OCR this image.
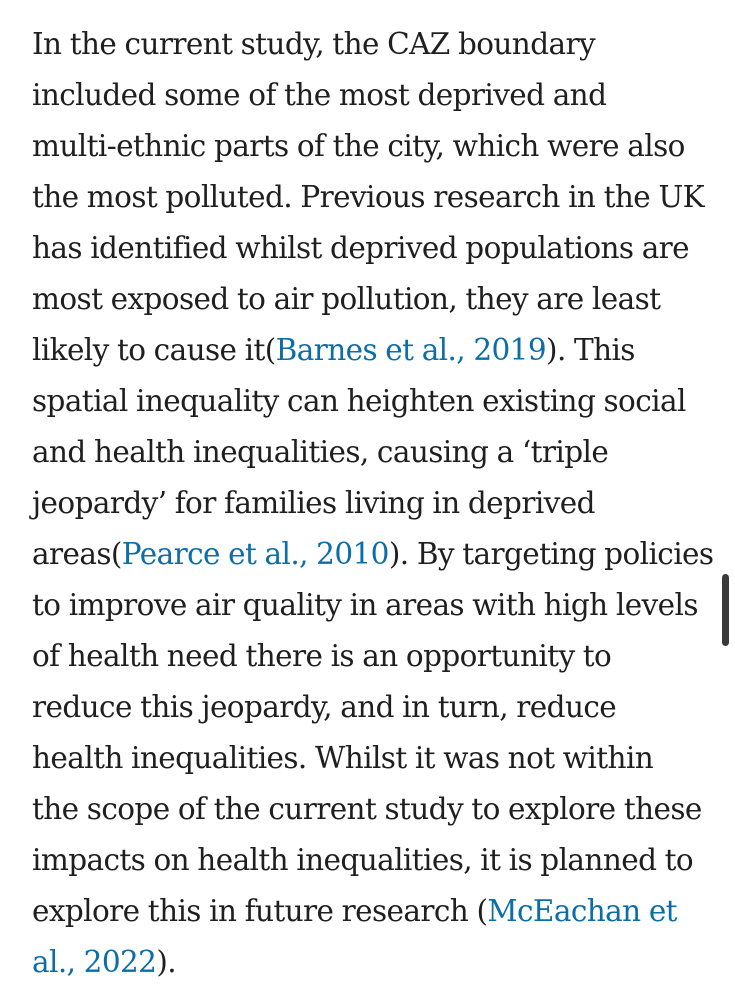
In the current study, the CAZ boundary
included some of the most deprived and
multi-ethnic parts of the city, which were also
the most polluted. Previous research in the UK
has identified whilst deprived populations are
most exposed to air pollution, they are least
likely to cause it(Barnes et al., 2019). This
spatial inequality can heighten existing social
and health inequalities, causing a ‘triple
jeopardy’ for families living in deprived
areas(Pearce et al., 2010). By targeting policies
to improve air quality in areas with high levels
of health need there is an opportunity to
reduce this jeopardy, and in turn, reduce
health inequalities. Whilst it was not within
the scope of the current study to explore these
impacts on health inequalities, it is planned to
explore this in future research (McEachan et
al., 2022).
